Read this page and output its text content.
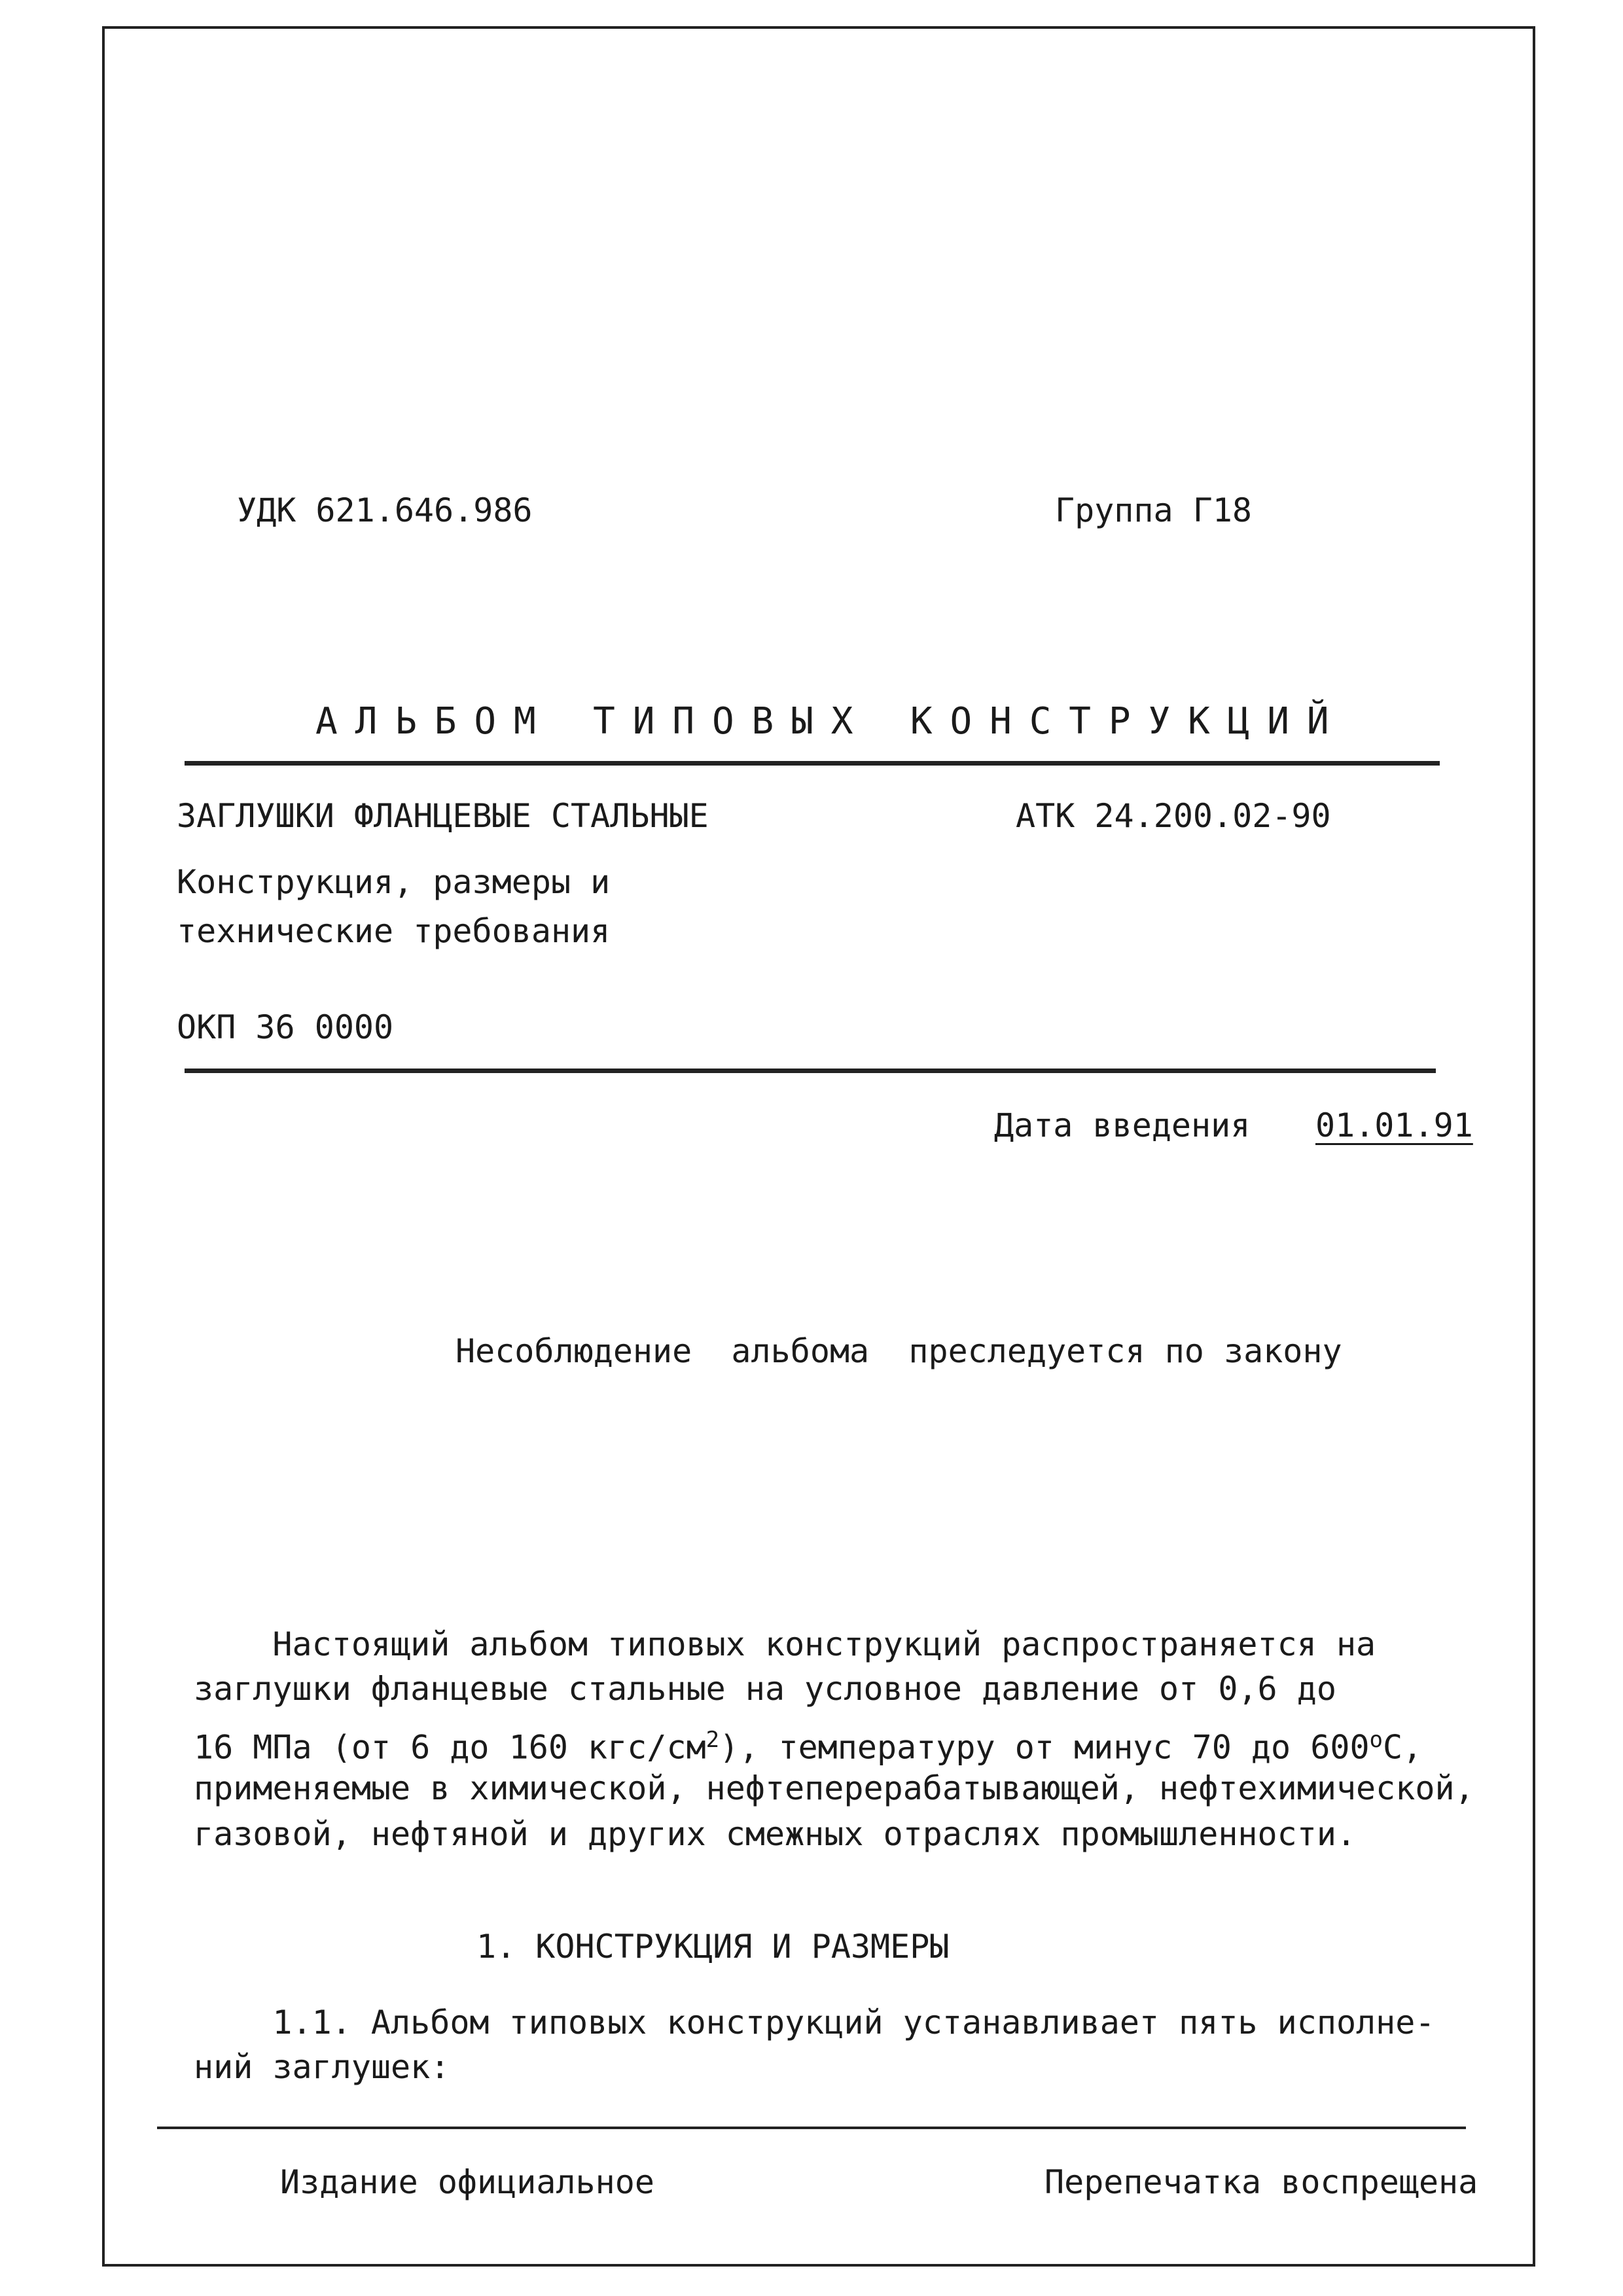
УДК 621.646.986	Группа Г18
АЛЬБОМ ТИПОВЫХ КОНСТРУКЦИЙ
ЗАГЛУШКИ ФЛАНЦЕВЫЕ СТАЛЬНЫЕ	АТК 24.200.02-90
Конструкция, размеры и
технические требования
ОКП 36 0000
Дата введения 01.01.91
Несоблюдение  альбома  преследуется по закону
Настоящий альбом типовых конструкций распространяется на
заглушки фланцевые стальные на условное давление от 0,6 до
16 МПа (от 6 до 160 кгс/$см^2$), температуру от минус 70 до 600$^o$С,
применяемые в химической, нефтеперерабатывающей, нефтехимической,
газовой, нефтяной и других смежных отраслях промышленности.
1. КОНСТРУКЦИЯ И РАЗМЕРЫ
1.1. Альбом типовых конструкций устанавливает пять исполне-
ний заглушек:
Издание официальное	Перепечатка воспрещена
